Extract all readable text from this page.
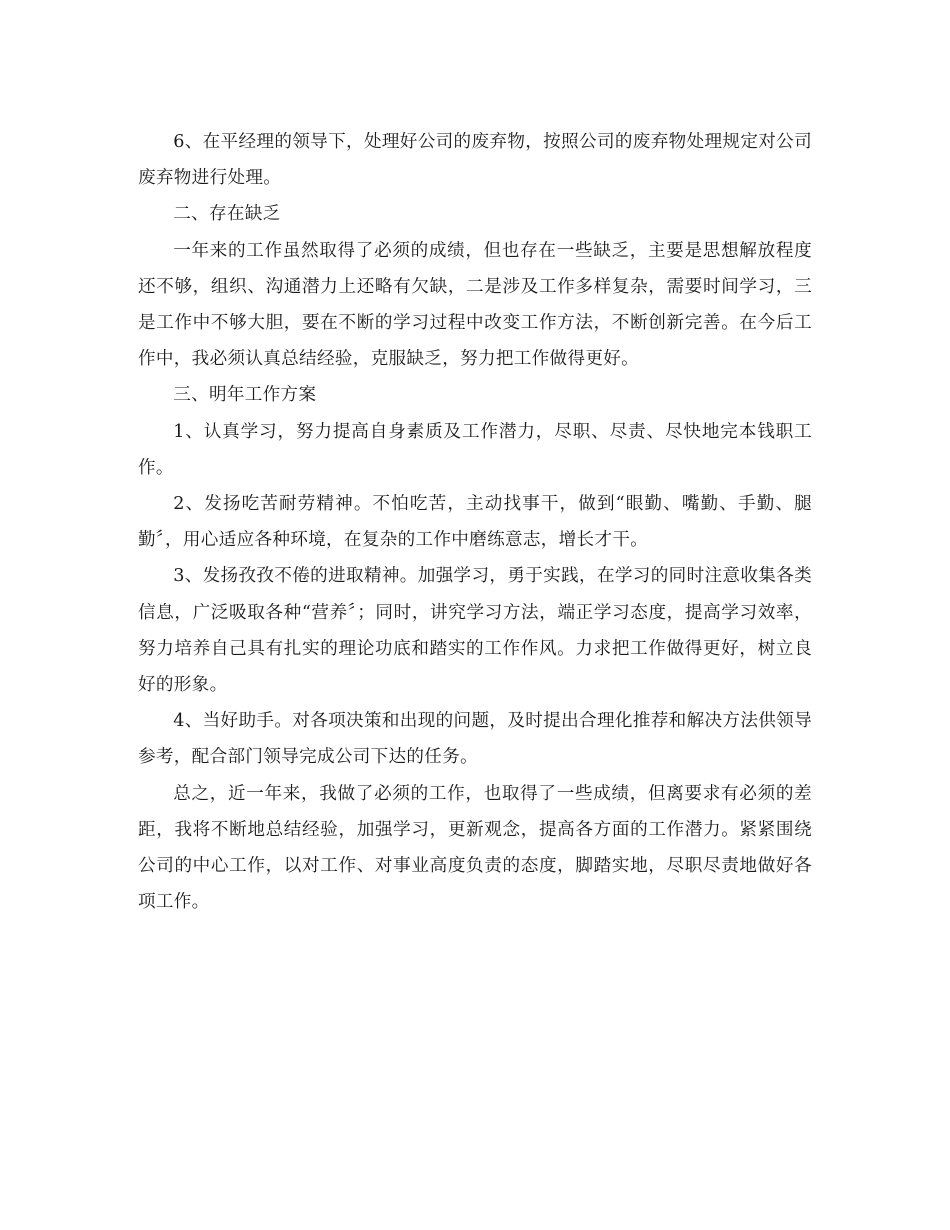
6、在平经理的领导下，处理好公司的废弃物，按照公司的废弃物处理规定对公司废弃物进行处理。

二、存在缺乏

一年来的工作虽然取得了必须的成绩，但也存在一些缺乏，主要是思想解放程度还不够，组织、沟通潜力上还略有欠缺，二是涉及工作多样复杂，需要时间学习，三是工作中不够大胆，要在不断的学习过程中改变工作方法，不断创新完善。在今后工作中，我必须认真总结经验，克服缺乏，努力把工作做得更好。

三、明年工作方案

1、认真学习，努力提高自身素质及工作潜力，尽职、尽责、尽快地完本钱职工作。

2、发扬吃苦耐劳精神。不怕吃苦，主动找事干，做到“眼勤、嘴勤、手勤、腿勤〞，用心适应各种环境，在复杂的工作中磨练意志，增长才干。

3、发扬孜孜不倦的进取精神。加强学习，勇于实践，在学习的同时注意收集各类信息，广泛吸取各种“营养〞；同时，讲究学习方法，端正学习态度，提高学习效率，努力培养自己具有扎实的理论功底和踏实的工作作风。力求把工作做得更好，树立良好的形象。

4、当好助手。对各项决策和出现的问题，及时提出合理化推荐和解决方法供领导参考，配合部门领导完成公司下达的任务。

总之，近一年来，我做了必须的工作，也取得了一些成绩，但离要求有必须的差距，我将不断地总结经验，加强学习，更新观念，提高各方面的工作潜力。紧紧围绕公司的中心工作，以对工作、对事业高度负责的态度，脚踏实地，尽职尽责地做好各项工作。
